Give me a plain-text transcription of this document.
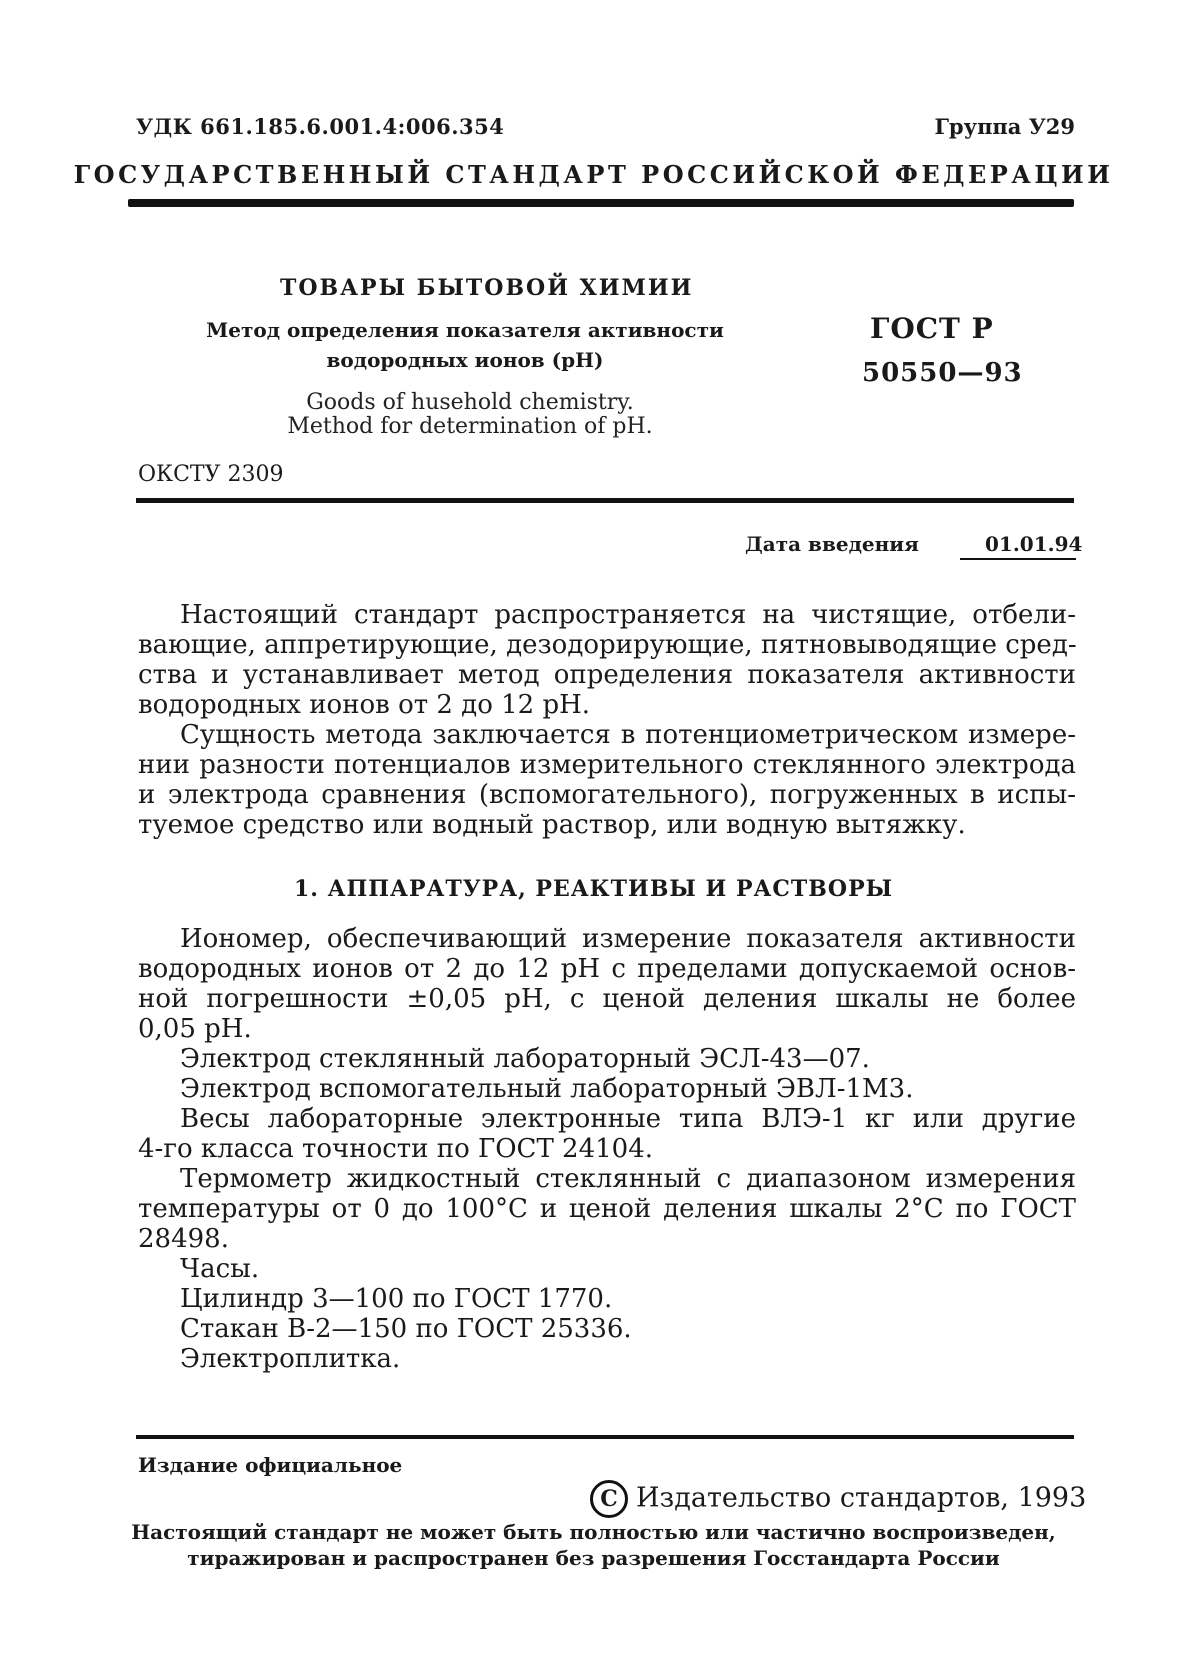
УДК 661.185.6.001.4:006.354	Группа У29
ГОСУДАРСТВЕННЫЙ СТАНДАРТ РОССИЙСКОЙ ФЕДЕРАЦИИ
ТОВАРЫ БЫТОВОЙ ХИМИИ
Метод определения показателя активности
водородных ионов (pH)
Goods of husehold chemistry.
Method for determination of pH.
ГОСТ Р
50550—93
ОКСТУ 2309
Дата введения	01.01.94
Настоящий стандарт распространяется на чистящие, отбели-
вающие, аппретирующие, дезодорирующие, пятновыводящие сред-
ства и устанавливает метод определения показателя активности
водородных ионов от 2 до 12 pH.
Сущность метода заключается в потенциометрическом измере-
нии разности потенциалов измерительного стеклянного электрода
и электрода сравнения (вспомогательного), погруженных в испы-
туемое средство или водный раствор, или водную вытяжку.
1. АППАРАТУРА, РЕАКТИВЫ И РАСТВОРЫ
Иономер, обеспечивающий измерение показателя активности
водородных ионов от 2 до 12 pH с пределами допускаемой основ-
ной погрешности ±0,05 pH, с ценой деления шкалы не более
0,05 pH.
Электрод стеклянный лабораторный ЭСЛ-43—07.
Электрод вспомогательный лабораторный ЭВЛ-1М3.
Весы лабораторные электронные типа ВЛЭ-1 кг или другие
4-го класса точности по ГОСТ 24104.
Термометр жидкостный стеклянный с диапазоном измерения
температуры от 0 до 100°С и ценой деления шкалы 2°С по ГОСТ
28498.
Часы.
Цилиндр 3—100 по ГОСТ 1770.
Стакан В-2—150 по ГОСТ 25336.
Электроплитка.
Издание официальное
C Издательство стандартов, 1993
Настоящий стандарт не может быть полностью или частично воспроизведен,
тиражирован и распространен без разрешения Госстандарта России
